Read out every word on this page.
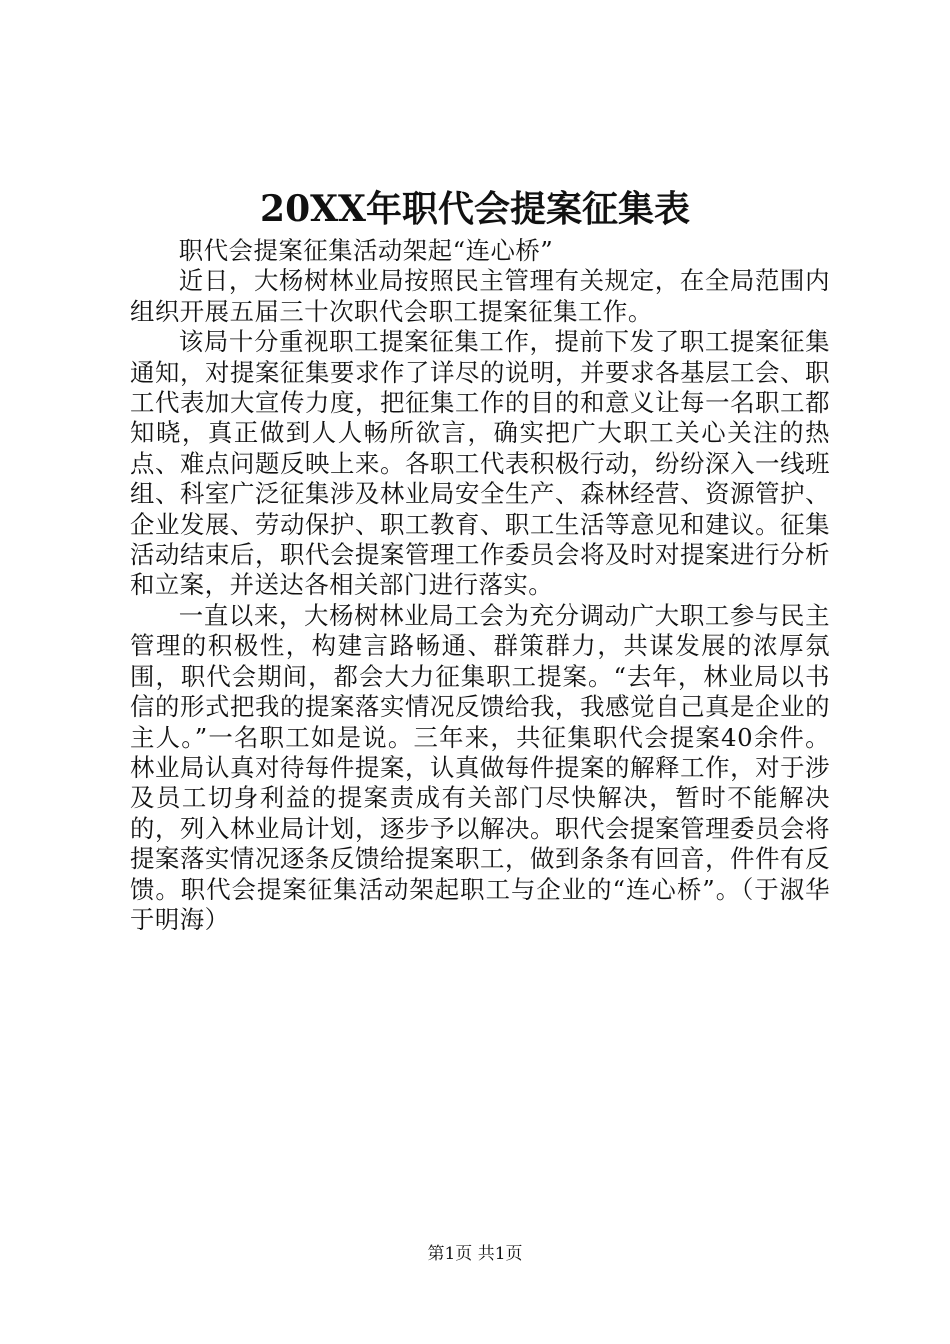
20XX年职代会提案征集表

职代会提案征集活动架起“连心桥”

近日，大杨树林业局按照民主管理有关规定，在全局范围内组织开展五届三十次职代会职工提案征集工作。

该局十分重视职工提案征集工作，提前下发了职工提案征集通知，对提案征集要求作了详尽的说明，并要求各基层工会、职工代表加大宣传力度，把征集工作的目的和意义让每一名职工都知晓，真正做到人人畅所欲言，确实把广大职工关心关注的热点、难点问题反映上来。各职工代表积极行动，纷纷深入一线班组、科室广泛征集涉及林业局安全生产、森林经营、资源管护、企业发展、劳动保护、职工教育、职工生活等意见和建议。征集活动结束后，职代会提案管理工作委员会将及时对提案进行分析和立案，并送达各相关部门进行落实。

一直以来，大杨树林业局工会为充分调动广大职工参与民主管理的积极性，构建言路畅通、群策群力，共谋发展的浓厚氛围，职代会期间，都会大力征集职工提案。“去年，林业局以书信的形式把我的提案落实情况反馈给我，我感觉自己真是企业的主人。”一名职工如是说。三年来，共征集职代会提案40余件。林业局认真对待每件提案，认真做每件提案的解释工作，对于涉及员工切身利益的提案责成有关部门尽快解决，暂时不能解决的，列入林业局计划，逐步予以解决。职代会提案管理委员会将提案落实情况逐条反馈给提案职工，做到条条有回音，件件有反馈。职代会提案征集活动架起职工与企业的“连心桥”。（于淑华于明海）

第1页 共1页
